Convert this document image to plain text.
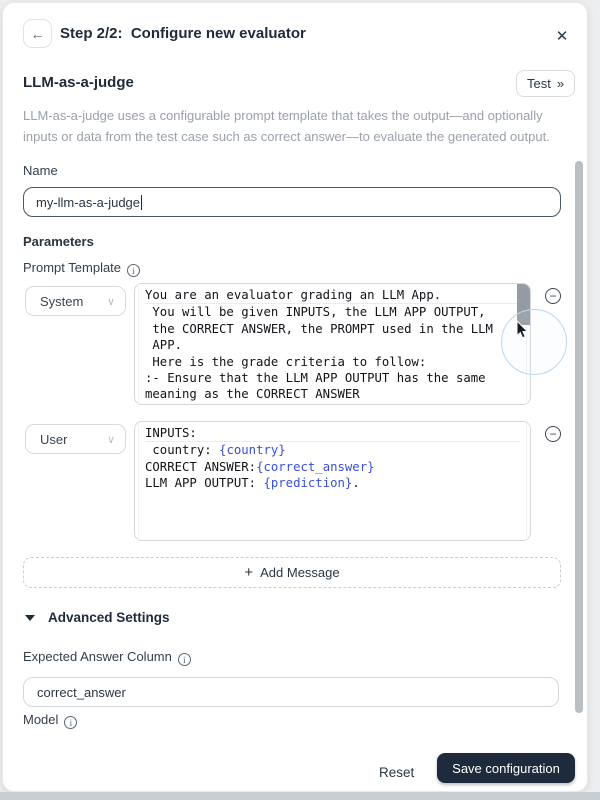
← Step 2/2:  Configure new evaluator	✕
LLM-as-a-judge	Test »
LLM-as-a-judge uses a configurable prompt template that takes the output—and optionally inputs or data from the test case such as correct answer—to evaluate the generated output.
Name
my-llm-as-a-judge
Parameters
Prompt Template i
System ∨ You are an evaluator grading an LLM App.
You will be given INPUTS, the LLM APP OUTPUT,
the CORRECT ANSWER, the PROMPT used in the LLM
APP.
Here is the grade criteria to follow:
:- Ensure that the LLM APP OUTPUT has the same
meaning as the CORRECT ANSWER
−
User	∨ INPUTS:
country: {country}
CORRECT ANSWER:{correct_answer}
LLM APP OUTPUT: {prediction}.
−
+ Add Message
Advanced Settings
Expected Answer Column i
correct_answer
Model i
Reset	Save configuration
